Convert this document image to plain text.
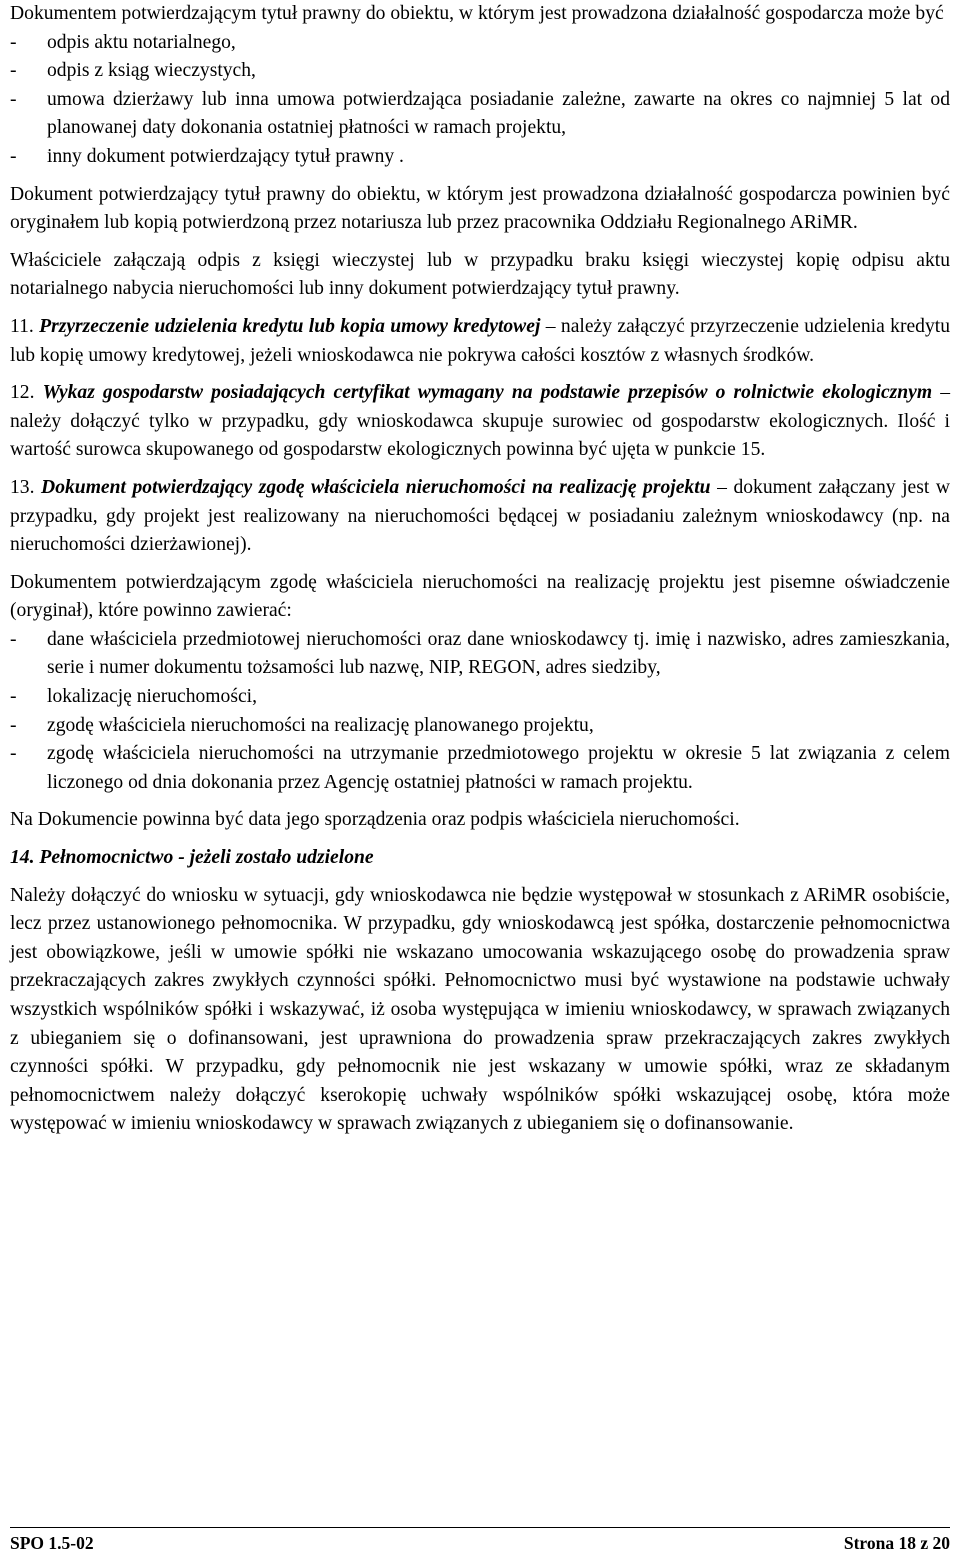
Dokumentem potwierdzającym tytuł prawny do obiektu, w którym jest prowadzona działalność gospodarcza może być

- odpis aktu notarialnego,
- odpis z ksiąg wieczystych,
- umowa dzierżawy lub inna umowa potwierdzająca posiadanie zależne, zawarte na okres co najmniej 5 lat od planowanej daty dokonania ostatniej płatności w ramach projektu,
- inny dokument potwierdzający tytuł prawny .

Dokument potwierdzający tytuł prawny do obiektu, w którym jest prowadzona działalność gospodarcza powinien być oryginałem lub kopią potwierdzoną przez notariusza lub przez pracownika Oddziału Regionalnego ARiMR.

Właściciele załączają odpis z księgi wieczystej lub w przypadku braku księgi wieczystej kopię odpisu aktu notarialnego nabycia nieruchomości lub inny dokument potwierdzający tytuł prawny.

11. Przyrzeczenie udzielenia kredytu lub kopia umowy kredytowej – należy załączyć przyrzeczenie udzielenia kredytu lub kopię umowy kredytowej, jeżeli wnioskodawca nie pokrywa całości kosztów z własnych środków.

12. Wykaz gospodarstw posiadających certyfikat wymagany na podstawie przepisów o rolnictwie ekologicznym – należy dołączyć tylko w przypadku, gdy wnioskodawca skupuje surowiec od gospodarstw ekologicznych. Ilość i wartość surowca skupowanego od gospodarstw ekologicznych powinna być ujęta w punkcie 15.

13. Dokument potwierdzający zgodę właściciela nieruchomości na realizację projektu – dokument załączany jest w przypadku, gdy projekt jest realizowany na nieruchomości będącej w posiadaniu zależnym wnioskodawcy (np. na nieruchomości dzierżawionej).

Dokumentem potwierdzającym zgodę właściciela nieruchomości na realizację projektu jest pisemne oświadczenie (oryginał), które powinno zawierać:

- dane właściciela przedmiotowej nieruchomości oraz dane wnioskodawcy tj. imię i nazwisko, adres zamieszkania, serie i numer dokumentu tożsamości lub nazwę, NIP, REGON, adres siedziby,
- lokalizację nieruchomości,
- zgodę właściciela nieruchomości na realizację planowanego projektu,
- zgodę właściciela nieruchomości na utrzymanie przedmiotowego projektu w okresie 5 lat związania z celem liczonego od dnia dokonania przez Agencję ostatniej płatności w ramach projektu.

Na Dokumencie powinna być data jego sporządzenia oraz podpis właściciela nieruchomości.

14. Pełnomocnictwo - jeżeli zostało udzielone

Należy dołączyć do wniosku w sytuacji, gdy wnioskodawca nie będzie występował w stosunkach z ARiMR osobiście, lecz przez ustanowionego pełnomocnika. W przypadku, gdy wnioskodawcą jest spółka, dostarczenie pełnomocnictwa jest obowiązkowe, jeśli w umowie spółki nie wskazano umocowania wskazującego osobę do prowadzenia spraw przekraczających zakres zwykłych czynności spółki. Pełnomocnictwo musi być wystawione na podstawie uchwały wszystkich wspólników spółki i wskazywać, iż osoba występująca w imieniu wnioskodawcy, w sprawach związanych z ubieganiem się o dofinansowani, jest uprawniona do prowadzenia spraw przekraczających zakres zwykłych czynności spółki. W przypadku, gdy pełnomocnik nie jest wskazany w umowie spółki, wraz ze składanym pełnomocnictwem należy dołączyć kserokopię uchwały wspólników spółki wskazującej osobę, która może występować w imieniu wnioskodawcy w sprawach związanych z ubieganiem się o dofinansowanie.

SPO 1.5-02	Strona 18 z 20
